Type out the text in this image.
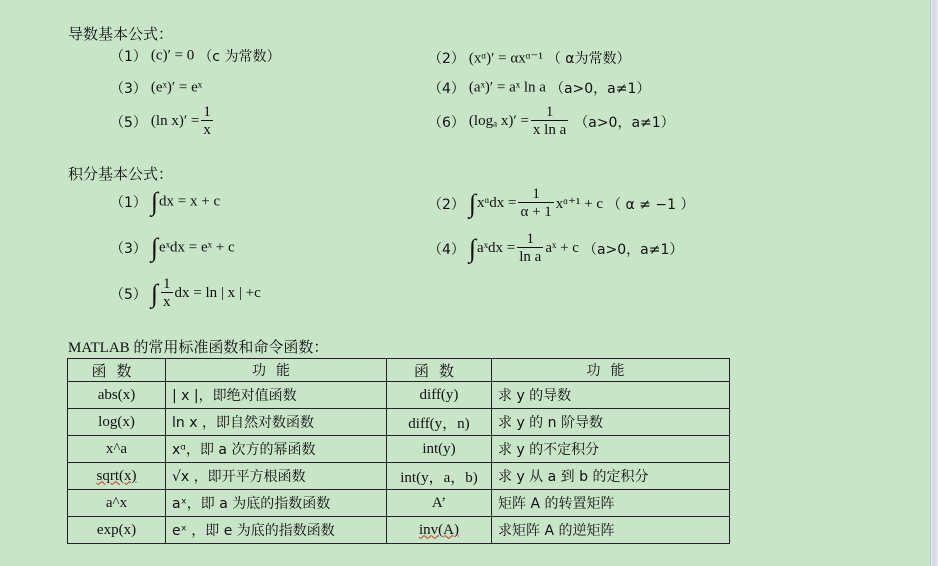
导数基本公式：
（1） (c)′ = 0 （c 为常数）	（2） (xᵅ)′ = αxᵅ⁻¹ （ α为常数）
（3） (eˣ)′ = eˣ	（4） (aˣ)′ = aˣ ln a （a>0，a≠1）
（5） (ln $x)' = \frac{1}{x}$	（6） (logₐ $x)' = \frac{1}{\text{x ln a}} (a>0$，a≠1）
积分基本公式：
（1） ∫dx = x + c	（2） ∫xᵅdx = $\frac{1}{\alpha + 1}$ xᵅ⁺¹ + c （ α ≠ −1 ）
（3） ∫eˣdx = eˣ + c	（4） ∫aˣdx = $\frac{1}{\text{ln a}}$ aˣ + c （a>0，a≠1）
（5） ∫ $\frac{1}{x}$ dx = ln | x | +c
MATLAB 的常用标准函数和命令函数：
函数	功能	函数	功能
abs(x)	| x |，即绝对值函数	diff(y)	求 y 的导数
log(x)	ln x ，即自然对数函数	diff(y，n)	求 y 的 n 阶导数
x^a	xᵅ，即 a 次方的幂函数	int(y)	求 y 的不定积分
sqrt(x)	√x ，即开平方根函数	int(y，a，b)	求 y 从 a 到 b 的定积分
a^x	aˣ，即 a 为底的指数函数	A’	矩阵 A 的转置矩阵
exp(x)	eˣ ，即 e 为底的指数函数	inv(A)	求矩阵 A 的逆矩阵
